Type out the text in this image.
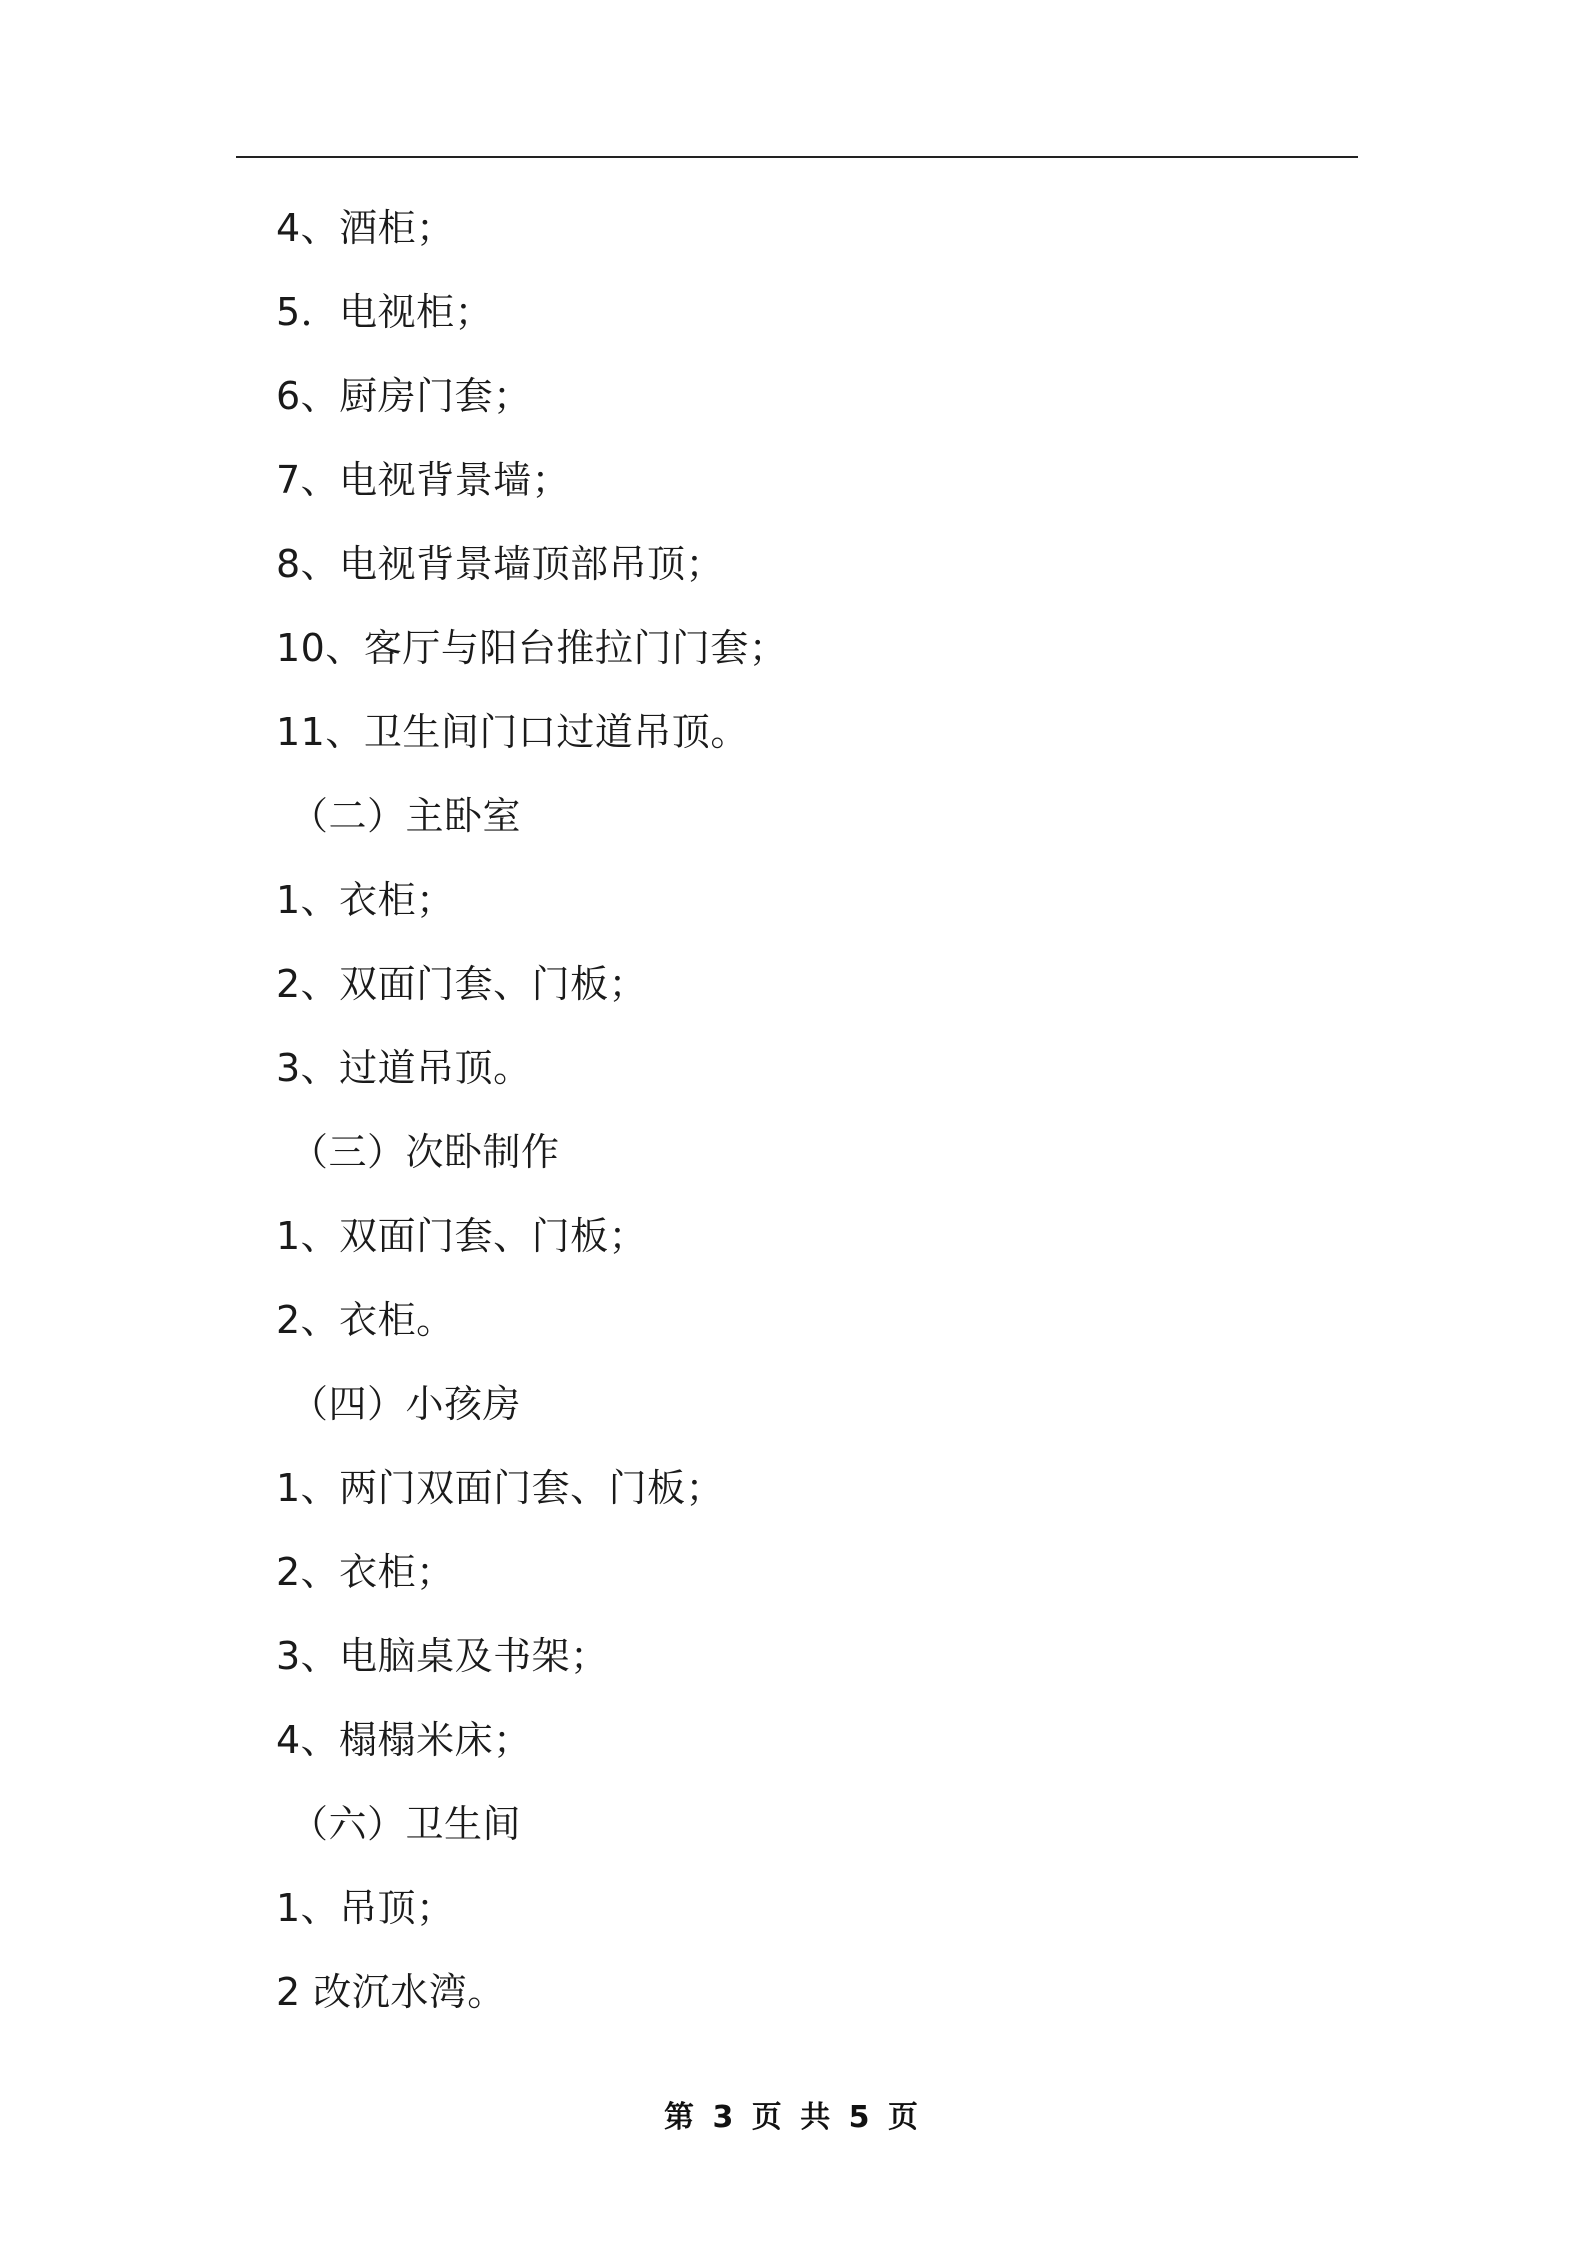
4、酒柜；
5．电视柜；
6、厨房门套；
7、电视背景墙；
8、电视背景墙顶部吊顶；
10、客厅与阳台推拉门门套；
11、卫生间门口过道吊顶。
（二）主卧室
1、衣柜；
2、双面门套、门板；
3、过道吊顶。
（三）次卧制作
1、双面门套、门板；
2、衣柜。
（四）小孩房
1、两门双面门套、门板；
2、衣柜；
3、电脑桌及书架；
4、榻榻米床；
（六）卫生间
1、吊顶；
2 改沉水湾。
第 3 页 共 5 页
